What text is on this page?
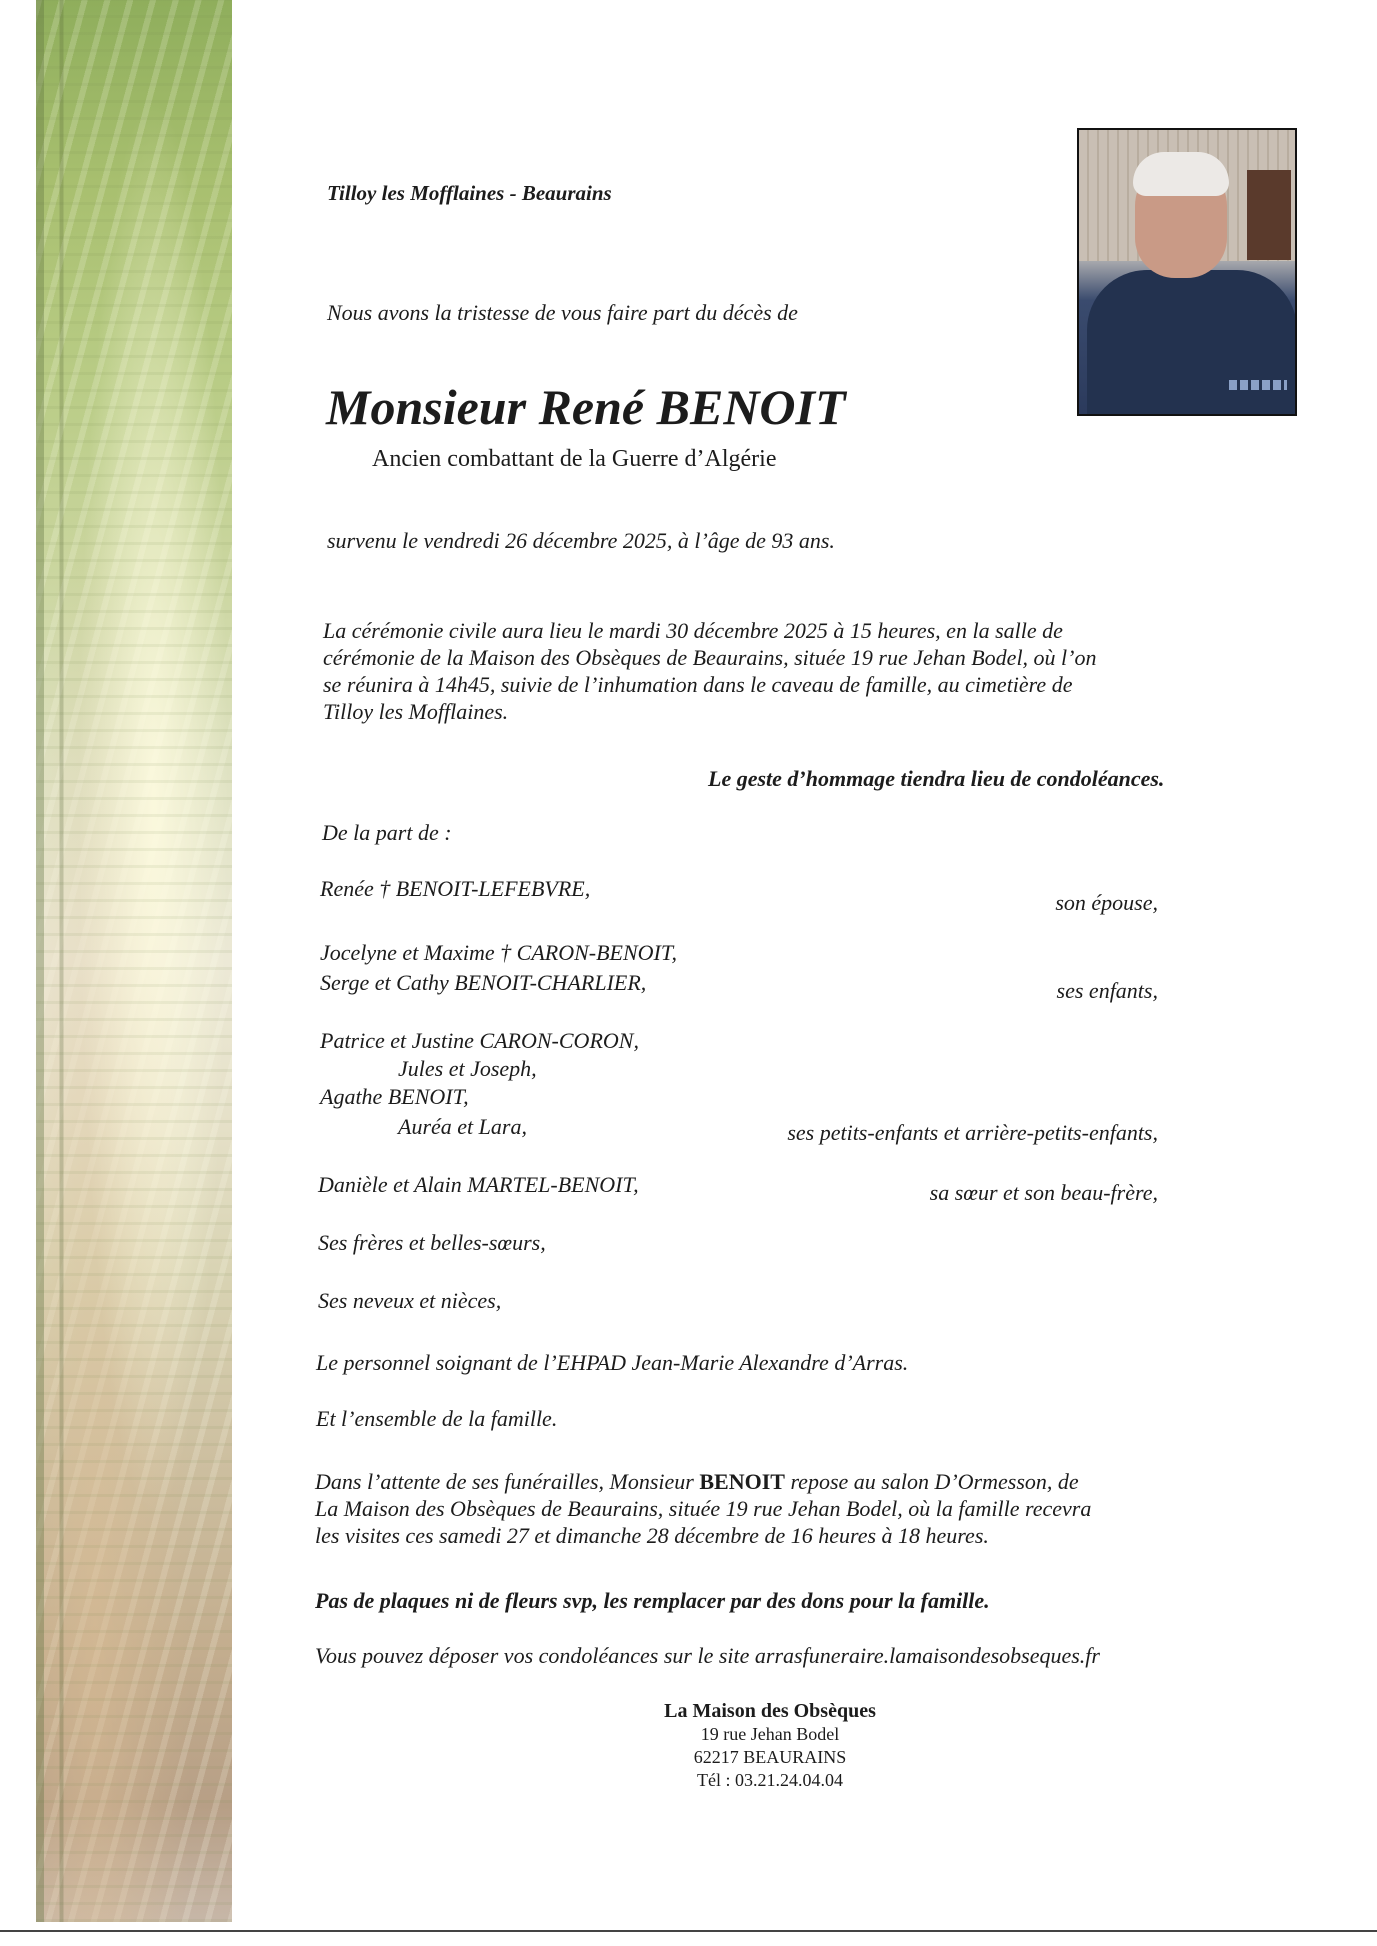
Tilloy les Mofflaines - Beaurains
Nous avons la tristesse de vous faire part du décès de
Monsieur René BENOIT
Ancien combattant de la Guerre d’Algérie
survenu le vendredi 26 décembre 2025, à l’âge de 93 ans.
La cérémonie civile aura lieu le mardi 30 décembre 2025 à 15 heures, en la salle de
cérémonie de la Maison des Obsèques de Beaurains, située 19 rue Jehan Bodel, où l’on
se réunira à 14h45, suivie de l’inhumation dans le caveau de famille, au cimetière de
Tilloy les Mofflaines.
Le geste d’hommage tiendra lieu de condoléances.
De la part de :
Renée † BENOIT-LEFEBVRE,
son épouse,
Jocelyne et Maxime † CARON-BENOIT,
Serge et Cathy BENOIT-CHARLIER,	ses enfants,
Patrice et Justine CARON-CORON,
Jules et Joseph,
Agathe BENOIT,
Auréa et Lara,	ses petits-enfants et arrière-petits-enfants,
Danièle et Alain MARTEL-BENOIT,	sa sœur et son beau-frère,
Ses frères et belles-sœurs,
Ses neveux et nièces,
Le personnel soignant de l’EHPAD Jean-Marie Alexandre d’Arras.
Et l’ensemble de la famille.
Dans l’attente de ses funérailles, Monsieur BENOIT repose au salon D’Ormesson, de
La Maison des Obsèques de Beaurains, située 19 rue Jehan Bodel, où la famille recevra
les visites ces samedi 27 et dimanche 28 décembre de 16 heures à 18 heures.
Pas de plaques ni de fleurs svp, les remplacer par des dons pour la famille.
Vous pouvez déposer vos condoléances sur le site arrasfuneraire.lamaisondesobseques.fr
La Maison des Obsèques
19 rue Jehan Bodel
62217 BEAURAINS
Tél : 03.21.24.04.04
